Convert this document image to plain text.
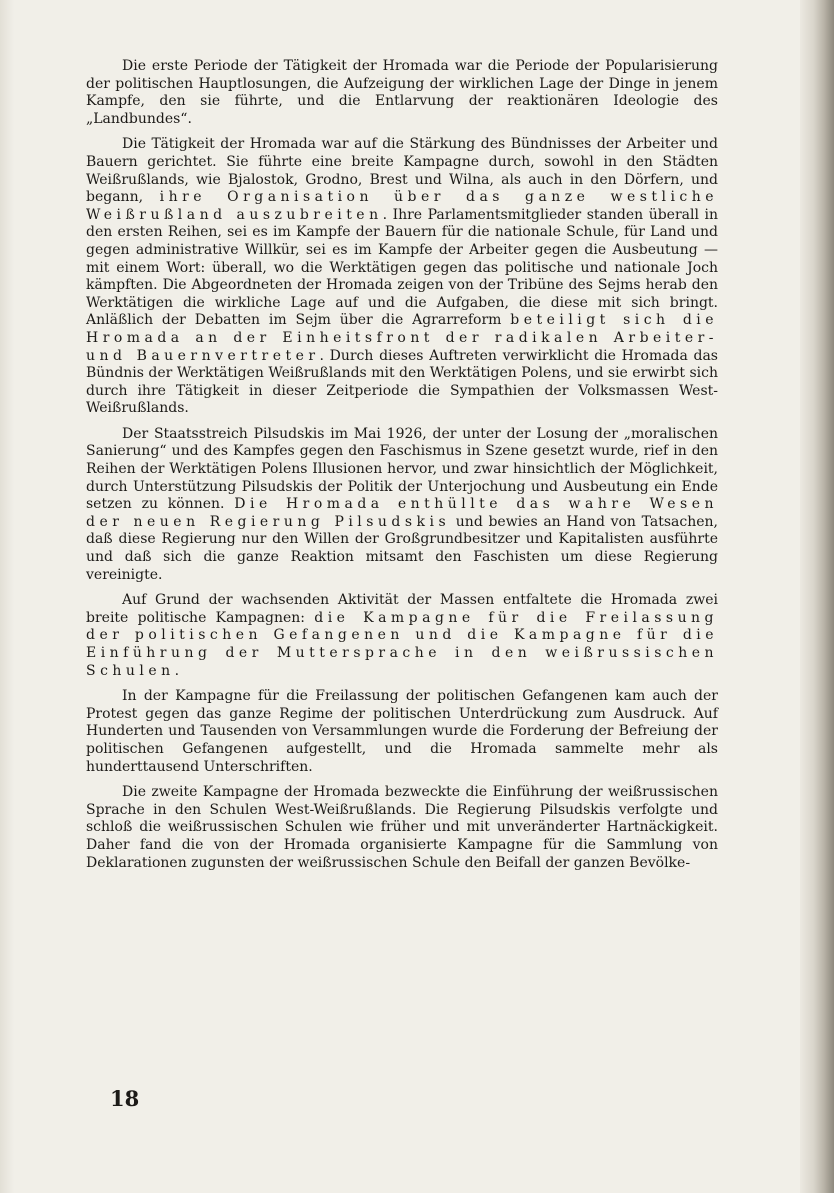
Die erste Periode der Tätigkeit der Hromada war die Periode der Popularisierung der politischen Hauptlosungen, die Aufzeigung der wirklichen Lage der Dinge in jenem Kampfe, den sie führte, und die Entlarvung der reaktionären Ideologie des „Landbundes“.

Die Tätigkeit der Hromada war auf die Stärkung des Bündnisses der Arbeiter und Bauern gerichtet. Sie führte eine breite Kampagne durch, sowohl in den Städten Weißrußlands, wie Bjalostok, Grodno, Brest und Wilna, als auch in den Dörfern, und begann, ihre Organisation über das ganze westliche Weißrußland auszubreiten. Ihre Parlamentsmitglieder standen überall in den ersten Reihen, sei es im Kampfe der Bauern für die nationale Schule, für Land und gegen administrative Willkür, sei es im Kampfe der Arbeiter gegen die Ausbeutung — mit einem Wort: überall, wo die Werktätigen gegen das politische und nationale Joch kämpften. Die Abgeordneten der Hromada zeigen von der Tribüne des Sejms herab den Werktätigen die wirkliche Lage auf und die Aufgaben, die diese mit sich bringt. Anläßlich der Debatten im Sejm über die Agrarreform beteiligt sich die Hromada an der Einheitsfront der radikalen Arbeiter- und Bauernvertreter. Durch dieses Auftreten verwirklicht die Hromada das Bündnis der Werktätigen Weißrußlands mit den Werktätigen Polens, und sie erwirbt sich durch ihre Tätigkeit in dieser Zeitperiode die Sympathien der Volksmassen West-Weißrußlands.

Der Staatsstreich Pilsudskis im Mai 1926, der unter der Losung der „moralischen Sanierung“ und des Kampfes gegen den Faschismus in Szene gesetzt wurde, rief in den Reihen der Werktätigen Polens Illusionen hervor, und zwar hinsichtlich der Möglichkeit, durch Unterstützung Pilsudskis der Politik der Unterjochung und Ausbeutung ein Ende setzen zu können. Die Hromada enthüllte das wahre Wesen der neuen Regierung Pilsudskis und bewies an Hand von Tatsachen, daß diese Regierung nur den Willen der Großgrundbesitzer und Kapitalisten ausführte und daß sich die ganze Reaktion mitsamt den Faschisten um diese Regierung vereinigte.

Auf Grund der wachsenden Aktivität der Massen entfaltete die Hromada zwei breite politische Kampagnen: die Kampagne für die Freilassung der politischen Gefangenen und die Kampagne für die Einführung der Muttersprache in den weißrussischen Schulen.

In der Kampagne für die Freilassung der politischen Gefangenen kam auch der Protest gegen das ganze Regime der politischen Unterdrückung zum Ausdruck. Auf Hunderten und Tausenden von Versammlungen wurde die Forderung der Befreiung der politischen Gefangenen aufgestellt, und die Hromada sammelte mehr als hunderttausend Unterschriften.

Die zweite Kampagne der Hromada bezweckte die Einführung der weißrussischen Sprache in den Schulen West-Weißrußlands. Die Regierung Pilsudskis verfolgte und schloß die weißrussischen Schulen wie früher und mit unveränderter Hartnäckigkeit. Daher fand die von der Hromada organisierte Kampagne für die Sammlung von Deklarationen zugunsten der weißrussischen Schule den Beifall der ganzen Bevölke-

18
